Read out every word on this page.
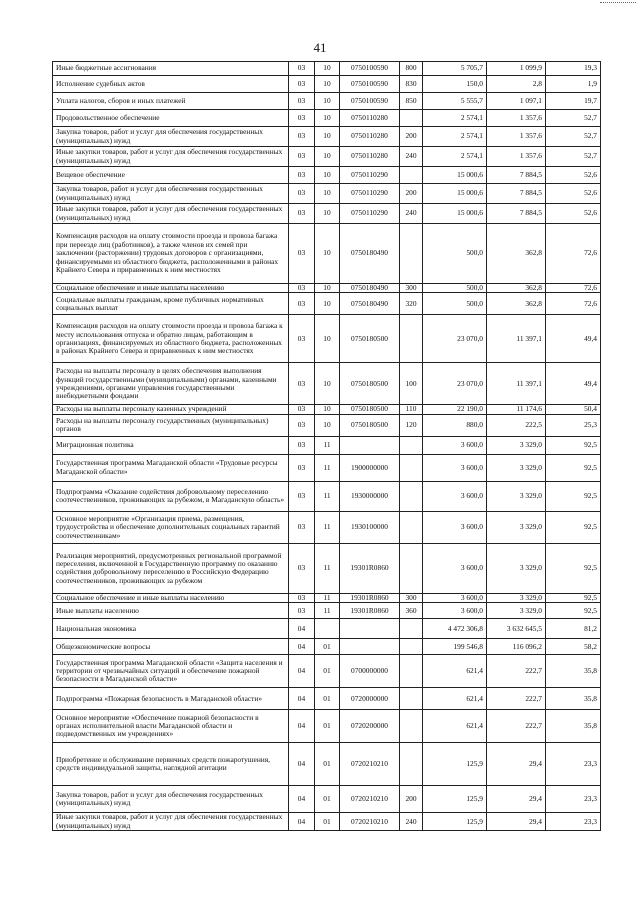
41
Иные бюджетные ассигнования	03	10	0750100590	800	5 705,7	1 099,9	19,3
Исполнение судебных актов	03	10	0750100590	830	150,0	2,8	1,9
Уплата налогов, сборов и иных платежей	03	10	0750100590	850	5 555,7	1 097,1	19,7
Продовольственное обеспечение	03	10	0750110280		2 574,1	1 357,6	52,7
Закупка товаров, работ и услуг для обеспечения государственных (муниципальных) нужд	03	10	0750110280	200	2 574,1	1 357,6	52,7
Иные закупки товаров, работ и услуг для обеспечения государственных (муниципальных) нужд	03	10	0750110280	240	2 574,1	1 357,6	52,7
Вещевое обеспечение	03	10	0750110290		15 000,6	7 884,5	52,6
Закупка товаров, работ и услуг для обеспечения государственных (муниципальных) нужд	03	10	0750110290	200	15 000,6	7 884,5	52,6
Иные закупки товаров, работ и услуг для обеспечения государственных (муниципальных) нужд	03	10	0750110290	240	15 000,6	7 884,5	52,6
Компенсация расходов на оплату стоимости проезда и провоза багажа при переезде лиц (работников), а также членов их семей при заключении (расторжении) трудовых договоров с организациями, финансируемыми из областного бюджета, расположенными в районах Крайнего Севера и приравненных к ним местностях	03	10	0750180490		500,0	362,8	72,6
Социальное обеспечение и иные выплаты населению	03	10	0750180490	300	500,0	362,8	72,6
Социальные выплаты гражданам, кроме публичных нормативных социальных выплат	03	10	0750180490	320	500,0	362,8	72,6
Компенсация расходов на оплату стоимости проезда и провоза багажа к месту использования отпуска и обратно лицам, работающим в организациях, финансируемых из областного бюджета, расположенных в районах Крайнего Севера и приравненных к ним местностях	03	10	0750180500		23 070,0	11 397,1	49,4
Расходы на выплаты персоналу в целях обеспечения выполнения функций государственными (муниципальными) органами, казенными учреждениями, органами управления государственными внебюджетными фондами	03	10	0750180500	100	23 070,0	11 397,1	49,4
Расходы на выплаты персоналу казенных учреждений	03	10	0750180500	110	22 190,0	11 174,6	50,4
Расходы на выплаты персоналу государственных (муниципальных) органов	03	10	0750180500	120	880,0	222,5	25,3
Миграционная политика	03	11			3 600,0	3 329,0	92,5
Государственная программа Магаданской области «Трудовые ресурсы Магаданской области»	03	11	1900000000		3 600,0	3 329,0	92,5
Подпрограмма «Оказание содействия добровольному переселению соотечественников, проживающих за рубежом, в Магаданскую область»	03	11	1930000000		3 600,0	3 329,0	92,5
Основное мероприятие «Организация приема, размещения, трудоустройства и обеспечение дополнительных социальных гарантий соотечественникам»	03	11	1930100000		3 600,0	3 329,0	92,5
Реализация мероприятий, предусмотренных региональной программой переселения, включенной в Государственную программу по оказанию содействия добровольному переселению в Российскую Федерацию соотечественников, проживающих за рубежом	03	11	19301R0860		3 600,0	3 329,0	92,5
Социальное обеспечение и иные выплаты населению	03	11	19301R0860	300	3 600,0	3 329,0	92,5
Иные выплаты населению	03	11	19301R0860	360	3 600,0	3 329,0	92,5
Национальная экономика	04				4 472 306,8	3 632 645,5	81,2
Общеэкономические вопросы	04	01			199 546,8	116 096,2	58,2
Государственная программа Магаданской области «Защита населения и территории от чрезвычайных ситуаций и обеспечение пожарной безопасности в Магаданской области»	04	01	0700000000		621,4	222,7	35,8
Подпрограмма «Пожарная безопасность в Магаданской области»	04	01	0720000000		621,4	222,7	35,8
Основное мероприятие «Обеспечение пожарной безопасности в органах исполнительной власти Магаданской области и подведомственных им учреждениях»	04	01	0720200000		621,4	222,7	35,8
Приобретение и обслуживание первичных средств пожаротушения, средств индивидуальной защиты, наглядной агитации	04	01	0720210210		125,9	29,4	23,3
Закупка товаров, работ и услуг для обеспечения государственных (муниципальных) нужд	04	01	0720210210	200	125,9	29,4	23,3
Иные закупки товаров, работ и услуг для обеспечения государственных (муниципальных) нужд	04	01	0720210210	240	125,9	29,4	23,3
